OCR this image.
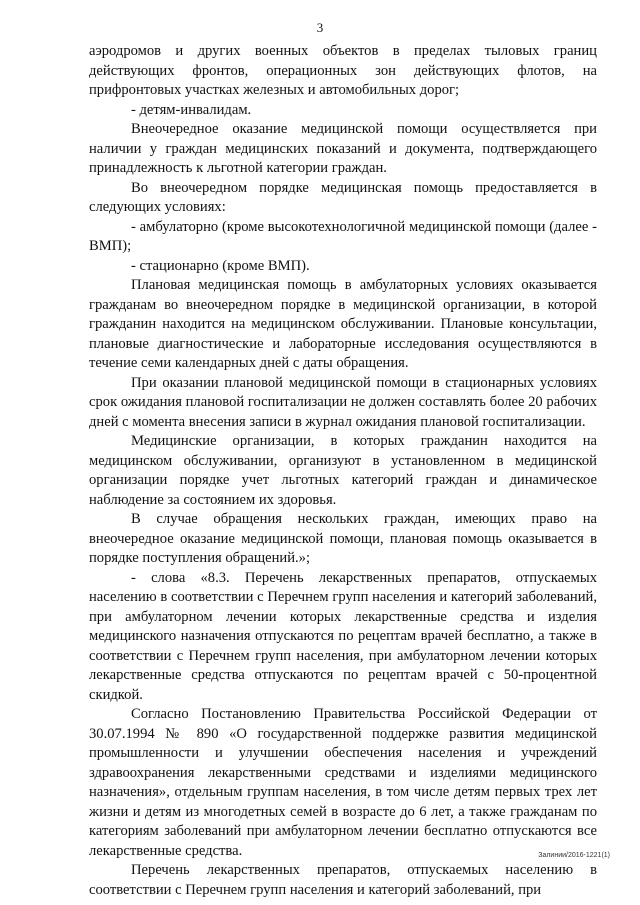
3

аэродромов и других военных объектов в пределах тыловых границ действующих фронтов, операционных зон действующих флотов, на прифронтовых участках железных и автомобильных дорог;

- детям-инвалидам.

Внеочередное оказание медицинской помощи осуществляется при наличии у граждан медицинских показаний и документа, подтверждающего принадлежность к льготной категории граждан.

Во внеочередном порядке медицинская помощь предоставляется в следующих условиях:

- амбулаторно (кроме высокотехнологичной медицинской помощи (далее - ВМП);

- стационарно (кроме ВМП).

Плановая медицинская помощь в амбулаторных условиях оказывается гражданам во внеочередном порядке в медицинской организации, в которой гражданин находится на медицинском обслуживании. Плановые консультации, плановые диагностические и лабораторные исследования осуществляются в течение семи календарных дней с даты обращения.

При оказании плановой медицинской помощи в стационарных условиях срок ожидания плановой госпитализации не должен составлять более 20 рабочих дней с момента внесения записи в журнал ожидания плановой госпитализации.

Медицинские организации, в которых гражданин находится на медицинском обслуживании, организуют в установленном в медицинской организации порядке учет льготных категорий граждан и динамическое наблюдение за состоянием их здоровья.

В случае обращения нескольких граждан, имеющих право на внеочередное оказание медицинской помощи, плановая помощь оказывается в порядке поступления обращений.»;

- слова «8.3. Перечень лекарственных препаратов, отпускаемых населению в соответствии с Перечнем групп населения и категорий заболеваний, при амбулаторном лечении которых лекарственные средства и изделия медицинского назначения отпускаются по рецептам врачей бесплатно, а также в соответствии с Перечнем групп населения, при амбулаторном лечении которых лекарственные средства отпускаются по рецептам врачей с 50-процентной скидкой.

Согласно Постановлению Правительства Российской Федерации от 30.07.1994 № 890 «О государственной поддержке развития медицинской промышленности и улучшении обеспечения населения и учреждений здравоохранения лекарственными средствами и изделиями медицинского назначения», отдельным группам населения, в том числе детям первых трех лет жизни и детям из многодетных семей в возрасте до 6 лет, а также гражданам по категориям заболеваний при амбулаторном лечении бесплатно отпускаются все лекарственные средства.

Перечень лекарственных препаратов, отпускаемых населению в соответствии с Перечнем групп населения и категорий заболеваний, при

Залинии/2016-1221(1)
